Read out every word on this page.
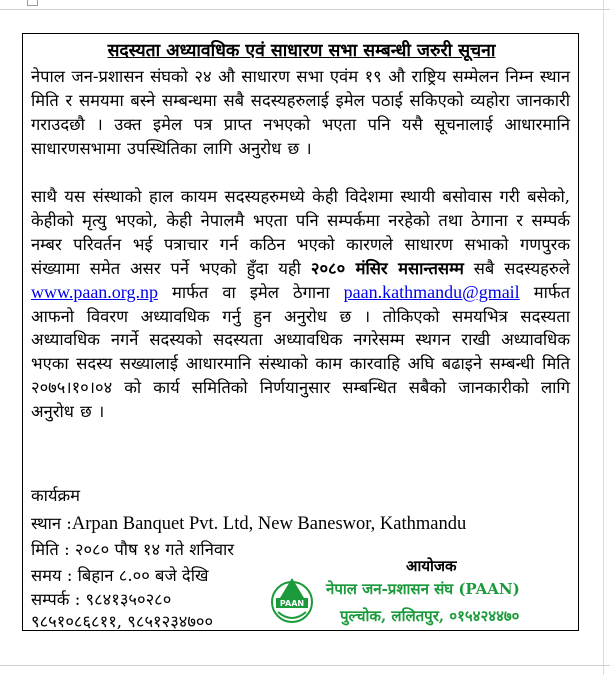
सदस्यता अध्यावधिक एवं साधारण सभा सम्बन्धी जरुरी सूचना
नेपाल जन-प्रशासन संघको २४ औ साधारण सभा एवंम १९ औ राष्ट्रिय सम्मेलन निम्न स्थान मिति र समयमा बस्ने सम्बन्धमा सबै सदस्यहरुलाई इमेल पठाई सकिएको व्यहोरा जानकारी गराउदछौ । उक्त इमेल पत्र प्राप्त नभएको भएता पनि यसै सूचनालाई आधारमानि साधारणसभामा उपस्थितिका लागि अनुरोध छ ।
साथै यस संस्थाको हाल कायम सदस्यहरुमध्ये केही विदेशमा स्थायी बसोवास गरी बसेको, केहीको मृत्यु भएको, केही नेपालमै भएता पनि सम्पर्कमा नरहेको तथा ठेगाना र सम्पर्क नम्बर परिवर्तन भई पत्राचार गर्न कठिन भएको कारणले साधारण सभाको गणपुरक संख्यामा समेत असर पर्ने भएको हुँदा यही २०८० मंसिर मसान्तसम्म सबै सदस्यहरुले www.paan.org.np मार्फत वा इमेल ठेगाना paan.kathmandu@gmail मार्फत आफनो विवरण अध्यावधिक गर्नु हुन अनुरोध छ । तोकिएको समयभित्र सदस्यता अध्यावधिक नगर्ने सदस्यको सदस्यता अध्यावधिक नगरेसम्म स्थगन राखी अध्यावधिक भएका सदस्य सख्यालाई आधारमानि संस्थाको काम कारवाहि अघि बढाइने सम्बन्धी मिति २०७५।१०।०४ को कार्य समितिको निर्णयानुसार सम्बन्धित सबैको जानकारीको लागि अनुरोध छ ।
कार्यक्रम
स्थान :Arpan Banquet Pvt. Ltd, New Baneswor, Kathmandu
मिति : २०८० पौष १४ गते शनिवार
समय : बिहान ८.०० बजे देखि
सम्पर्क : ९८४१३५०२८०
९८५१०८६८११, ९८५१२३४७००
PAAN
आयोजक
नेपाल जन-प्रशासन संघ (PAAN)
पुल्चोक, ललितपुर, ०१५४२४४७०
